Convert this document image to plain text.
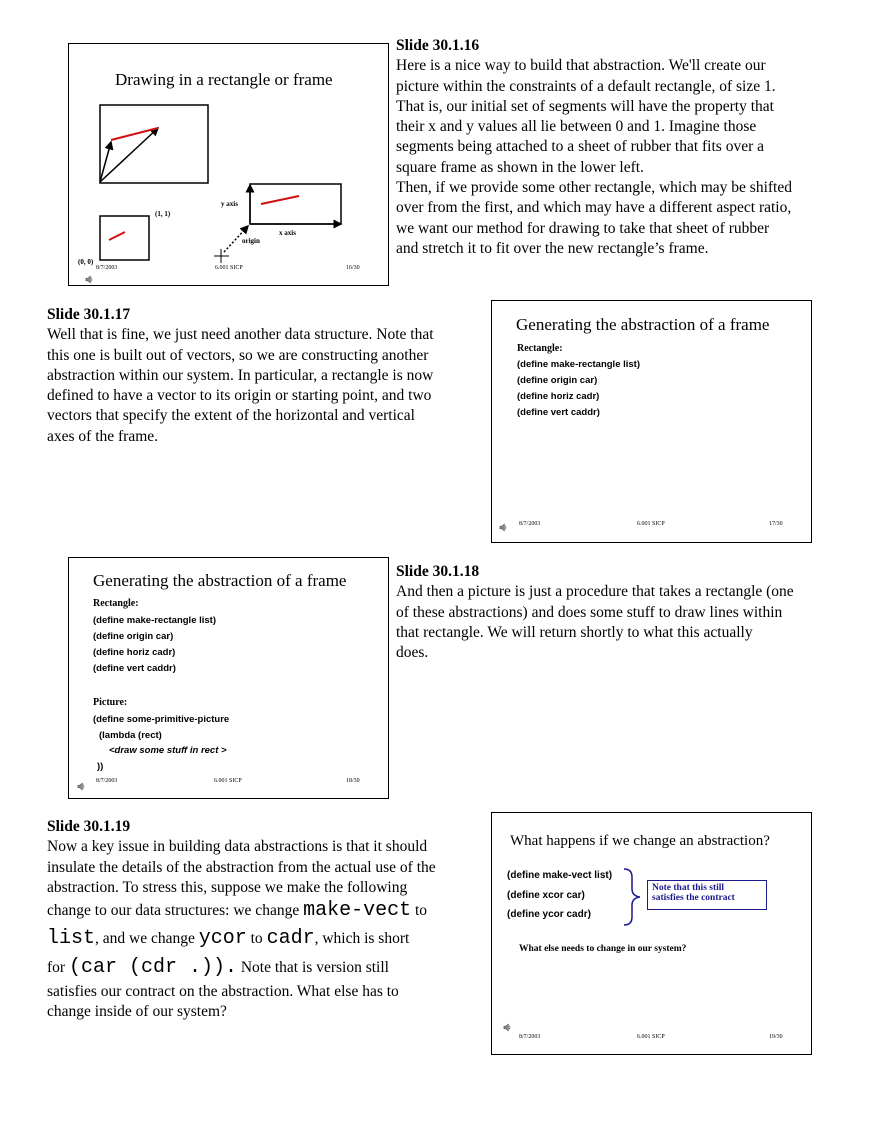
Drawing in a rectangle or frame
(1, 1)
(0, 0)
y axis
x axis
origin
8/7/2003	6.001 SICP	16/30
Slide 30.1.16

Here is a nice way to build that abstraction. We'll create our
picture within the constraints of a default rectangle, of size 1.
That is, our initial set of segments will have the property that
their x and y values all lie between 0 and 1. Imagine those
segments being attached to a sheet of rubber that fits over a
square frame as shown in the lower left.
Then, if we provide some other rectangle, which may be shifted
over from the first, and which may have a different aspect ratio,
we want our method for drawing to take that sheet of rubber
and stretch it to fit over the new rectangle’s frame.

Slide 30.1.17

Well that is fine, we just need another data structure. Note that
this one is built out of vectors, so we are constructing another
abstraction within our system. In particular, a rectangle is now
defined to have a vector to its origin or starting point, and two
vectors that specify the extent of the horizontal and vertical
axes of the frame.

Generating the abstraction of a frame
Rectangle:
(define make-rectangle list)
(define origin car)
(define horiz cadr)
(define vert caddr)
8/7/2003	6.001 SICP	17/30
Generating the abstraction of a frame
Rectangle:
(define make-rectangle list)
(define origin car)
(define horiz cadr)
(define vert caddr)
Picture:
(define some-primitive-picture
(lambda (rect)
<draw some stuff in rect >
))
8/7/2003	6.001 SICP	18/30
Slide 30.1.18

And then a picture is just a procedure that takes a rectangle (one
of these abstractions) and does some stuff to draw lines within
that rectangle. We will return shortly to what this actually
does.

Slide 30.1.19
Now a key issue in building data abstractions is that it should
insulate the details of the abstraction from the actual use of the
abstraction. To stress this, suppose we make the following
change to our data structures: we change make-vect to
list, and we change ycor to cadr, which is short
for (car (cdr .)). Note that is version still
satisfies our contract on the abstraction. What else has to
change inside of our system?
What happens if we change an abstraction?
(define make-vect list)
(define xcor car)
(define ycor cadr)
Note that this still
satisfies the contract
What else needs to change in our system?
8/7/2003	6.001 SICP	19/30
